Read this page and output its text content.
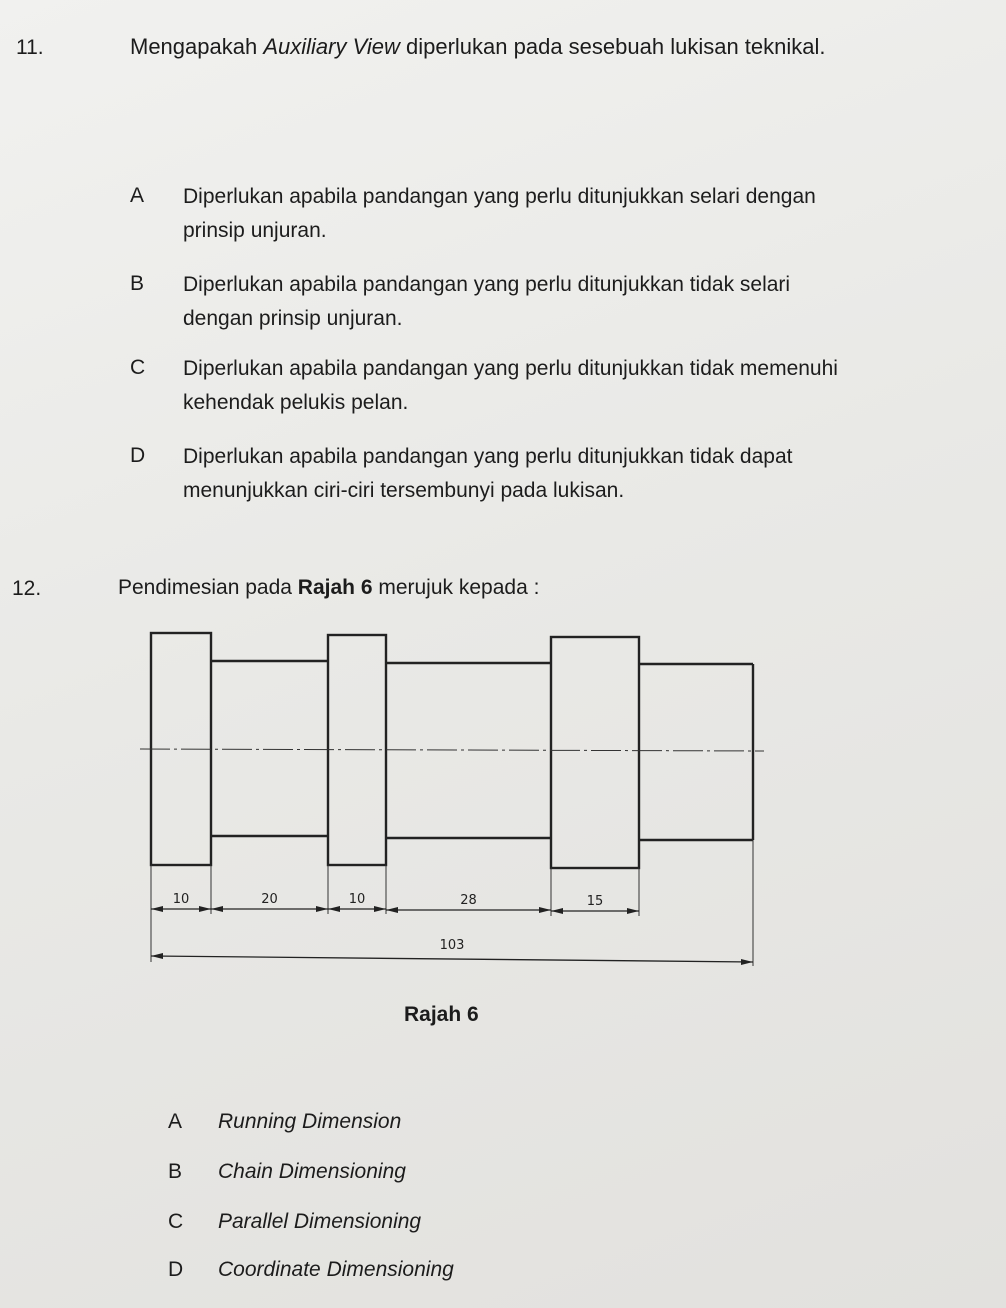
11.	Mengapakah Auxiliary View diperlukan pada sesebuah lukisan teknikal.
A Diperlukan apabila pandangan yang perlu ditunjukkan selari dengan
prinsip unjuran.
B Diperlukan apabila pandangan yang perlu ditunjukkan tidak selari
dengan prinsip unjuran.
C Diperlukan apabila pandangan yang perlu ditunjukkan tidak memenuhi
kehendak pelukis pelan.
D Diperlukan apabila pandangan yang perlu ditunjukkan tidak dapat
menunjukkan ciri-ciri tersembunyi pada lukisan.
12.	Pendimesian pada Rajah 6 merujuk kepada :
10	20	10	28	15
103
Rajah 6
A Running Dimension
B Chain Dimensioning
C Parallel Dimensioning
D Coordinate Dimensioning
